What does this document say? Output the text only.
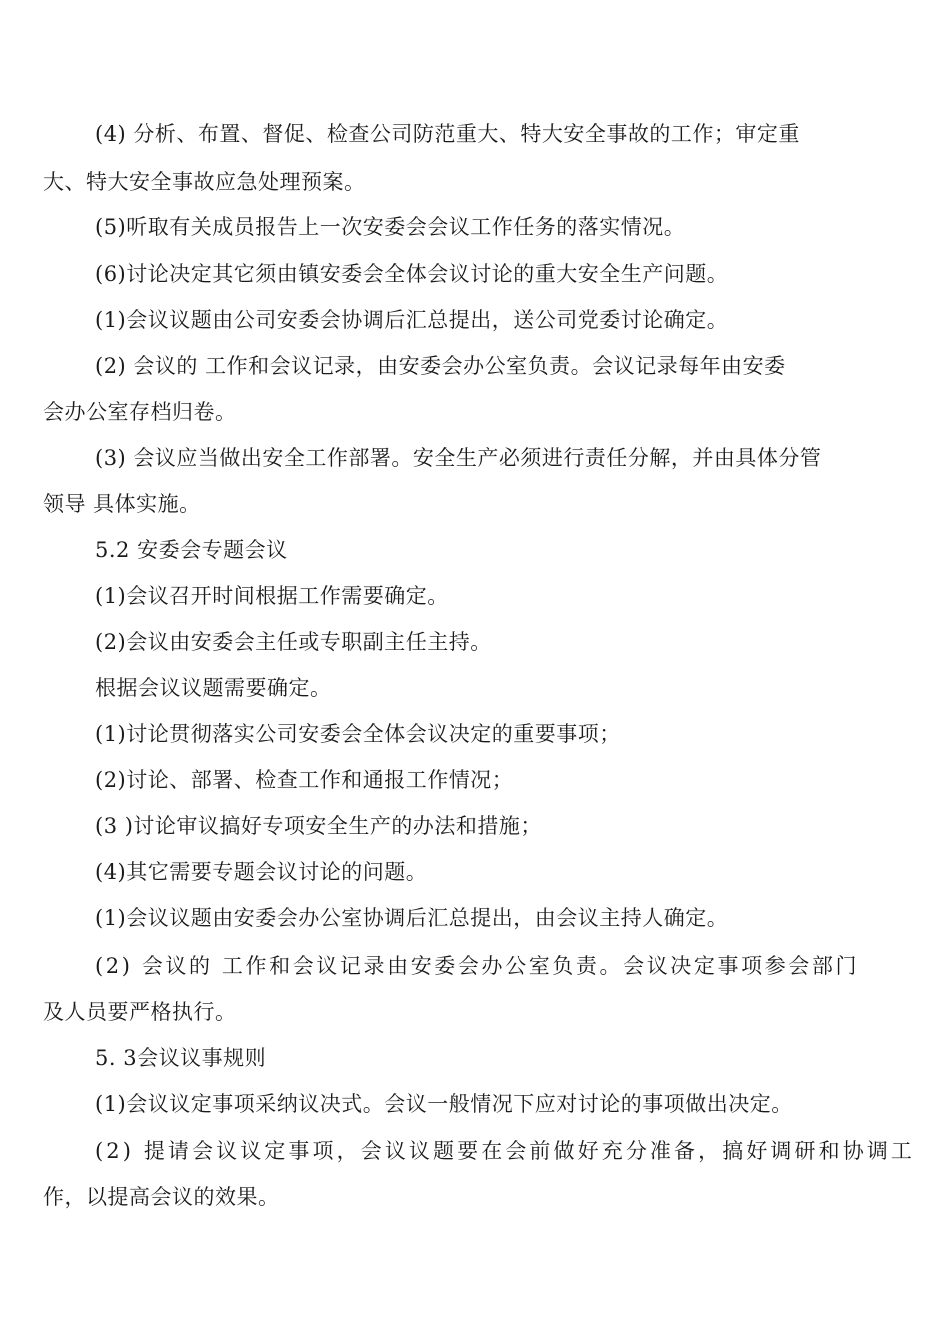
(4) 分析、布置、督促、检查公司防范重大、特大安全事故的工作；审定重
大、特大安全事故应急处理预案。
(5)听取有关成员报告上一次安委会会议工作任务的落实情况。
(6)讨论决定其它须由镇安委会全体会议讨论的重大安全生产问题。
(1)会议议题由公司安委会协调后汇总提出，送公司党委讨论确定。
(2) 会议的 工作和会议记录，由安委会办公室负责。会议记录每年由安委
会办公室存档归卷。
(3) 会议应当做出安全工作部署。安全生产必须进行责任分解，并由具体分管
领导 具体实施。
5.2 安委会专题会议
(1)会议召开时间根据工作需要确定。
(2)会议由安委会主任或专职副主任主持。
根据会议议题需要确定。
(1)讨论贯彻落实公司安委会全体会议决定的重要事项；
(2)讨论、部署、检查工作和通报工作情况；
(3 )讨论审议搞好专项安全生产的办法和措施；
(4)其它需要专题会议讨论的问题。
(1)会议议题由安委会办公室协调后汇总提出，由会议主持人确定。
(2) 会议的 工作和会议记录由安委会办公室负责。会议决定事项参会部门
及人员要严格执行。
5. 3会议议事规则
(1)会议议定事项采纳议决式。会议一般情况下应对讨论的事项做出决定。
(2) 提请会议议定事项，会议议题要在会前做好充分准备，搞好调研和协调工
作，以提高会议的效果。
